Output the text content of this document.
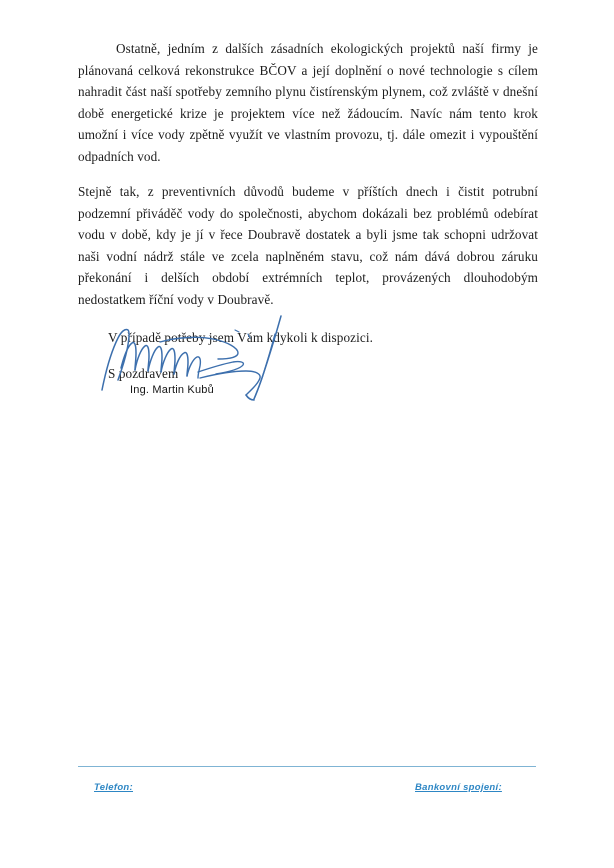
Ostatně, jedním z dalších zásadních ekologických projektů naší firmy je plánovaná celková rekonstrukce BČOV a její doplnění o nové technologie s cílem nahradit část naší spotřeby zemního plynu čistírenským plynem, což zvláště v dnešní době energetické krize je projektem více než žádoucím. Navíc nám tento krok umožní i více vody zpětně využít ve vlastním provozu, tj. dále omezit i vypouštění odpadních vod.

Stejně tak, z preventivních důvodů budeme v příštích dnech i čistit potrubní podzemní přiváděč vody do společnosti, abychom dokázali bez problémů odebírat vodu v době, kdy je jí v řece Doubravě dostatek a byli jsme tak schopni udržovat naši vodní nádrž stále ve zcela naplněném stavu, což nám dává dobrou záruku překonání i delších období extrémních teplot, provázených dlouhodobým nedostatkem říční vody v Doubravě.

V případě potřeby jsem Vám kdykoli k dispozici.

S pozdravem

Ing. Martin Kubů
Telefon:	Bankovní spojení:
